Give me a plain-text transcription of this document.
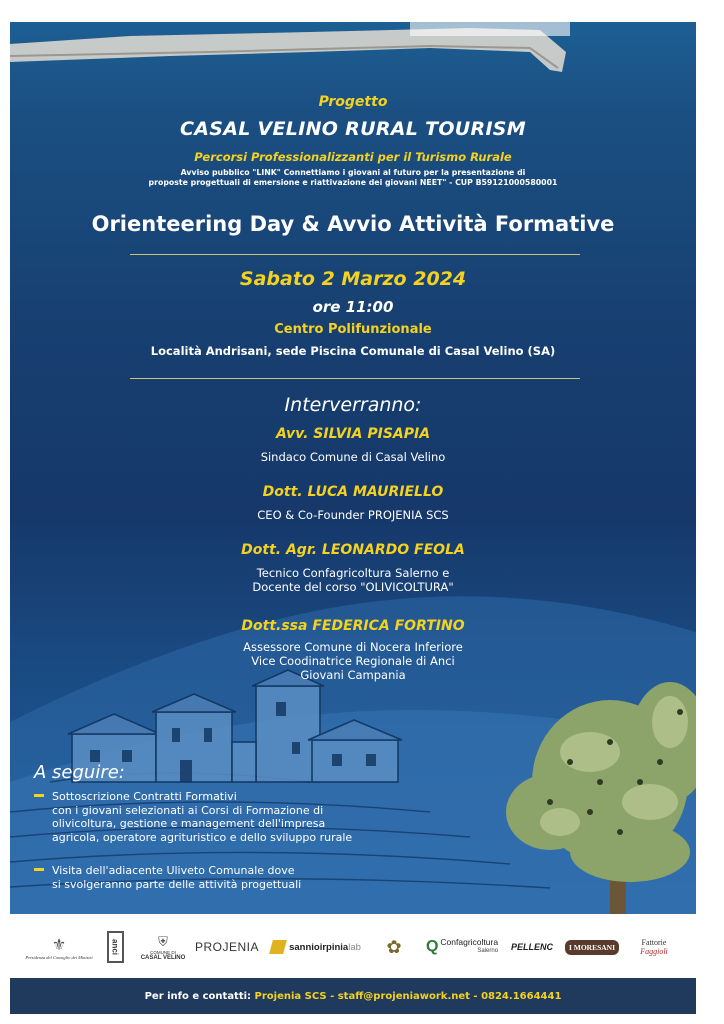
Progetto
CASAL VELINO RURAL TOURISM
Percorsi Professionalizzanti per il Turismo Rurale
Avviso pubblico "LINK" Connettiamo i giovani al futuro per la presentazione di
proposte progettuali di emersione e riattivazione dei giovani NEET" - CUP B59121000580001
Orienteering Day & Avvio Attività Formative
Sabato 2 Marzo 2024
ore 11:00
Centro Polifunzionale
Località Andrisani, sede Piscina Comunale di Casal Velino (SA)
Interverranno:
Avv. SILVIA PISAPIA
Sindaco Comune di Casal Velino
Dott. LUCA MAURIELLO
CEO & Co-Founder PROJENIA SCS
Dott. Agr. LEONARDO FEOLA
Tecnico Confagricoltura Salerno e
Docente del corso "OLIVICOLTURA"
Dott.ssa FEDERICA FORTINO
Assessore Comune di Nocera Inferiore
Vice Coodinatrice Regionale di Anci
Giovani Campania
A seguire:
Sottoscrizione Contratti Formativi
con i giovani selezionati ai Corsi di Formazione di
olivicoltura, gestione e management dell'impresa
agricola, operatore agrituristico e dello sviluppo rurale
Visita dell'adiacente Uliveto Comunale dove
si svolgeranno parte delle attività progettuali
⚜
Presidenza del Consiglio dei Ministri
anci	⛨
COMUNE DI
CASAL VELINO
PROJENIA	sannioirpinia lab ✿ Q Confagricoltura
Salerno PELLENC	I MORESANI	Fattorie
Faggioli
Per info e contatti:
Projenia SCS
-
staff@projeniawork.net
-
0824.1664441
